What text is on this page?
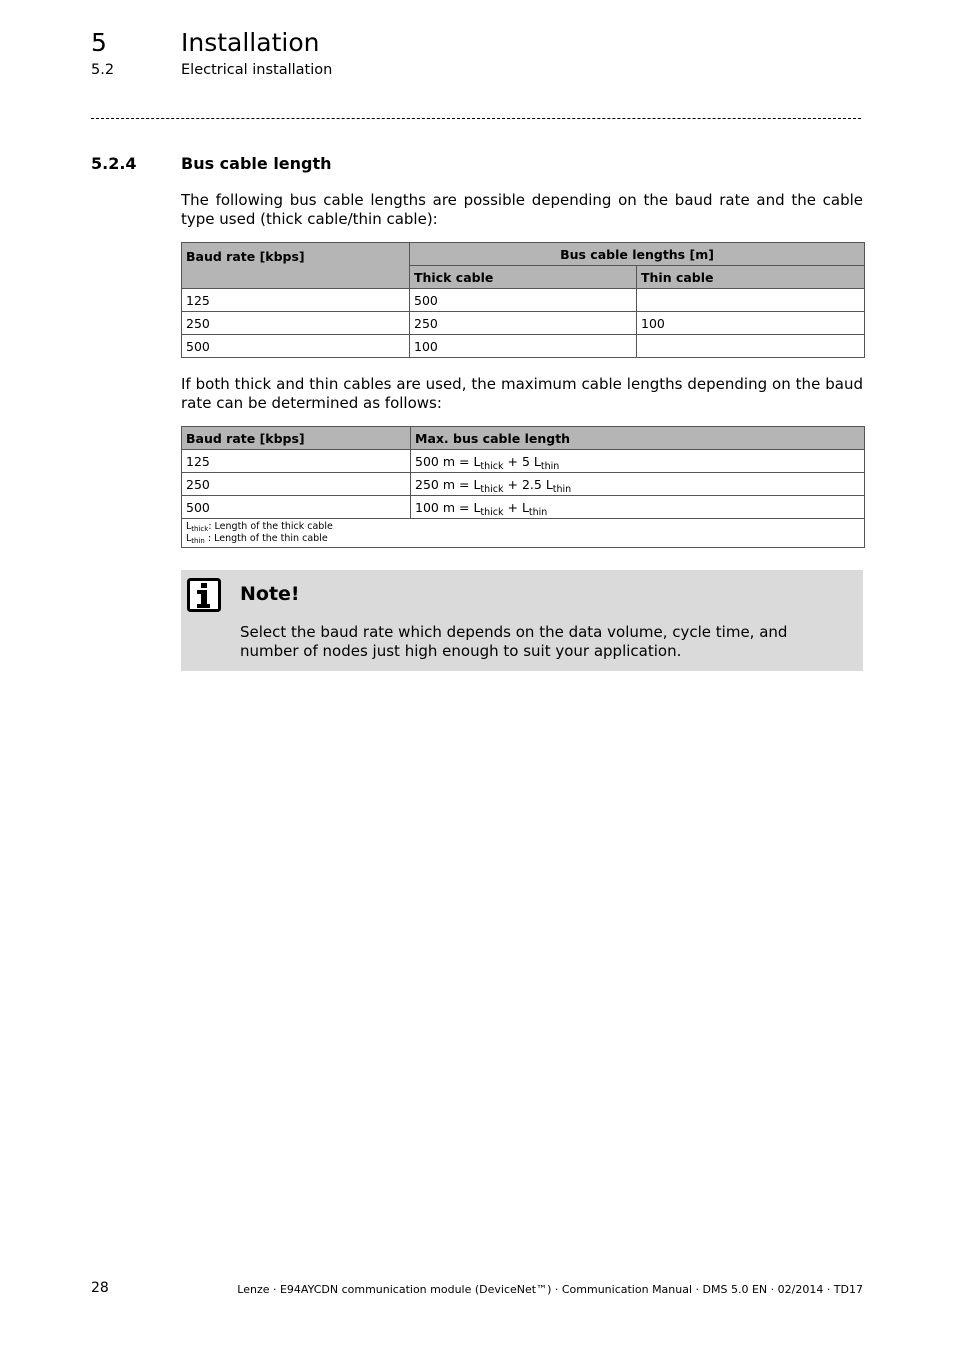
5	Installation
5.2	Electrical installation
5.2.4	Bus cable length
The following bus cable lengths are possible depending on the baud rate and the cable type used (thick cable/thin cable):
Baud rate [kbps]	Bus cable lengths [m]	
	Thick cable	Thin cable
125	500	
250	250	100
500	100	
If both thick and thin cables are used, the maximum cable lengths depending on the baud rate can be determined as follows:
Baud rate [kbps]	Max. bus cable length
125	500 $m = L_{thick} + 5$ $L_{thin}$
250	250 $m = L_{thick} + 2.5$ $L_{thin}$
500	100 $m = L_{thick} + L_{thin}$
$L_{thick}$: Length of the thick cable
$L_{thin}$ : Length of the thin cable	
Note!
Select the baud rate which depends on the data volume, cycle time, and number of nodes just high enough to suit your application.
28	Lenze · E94AYCDN communication module (DeviceNet™) · Communication Manual · DMS 5.0 EN · 02/2014 · TD17
